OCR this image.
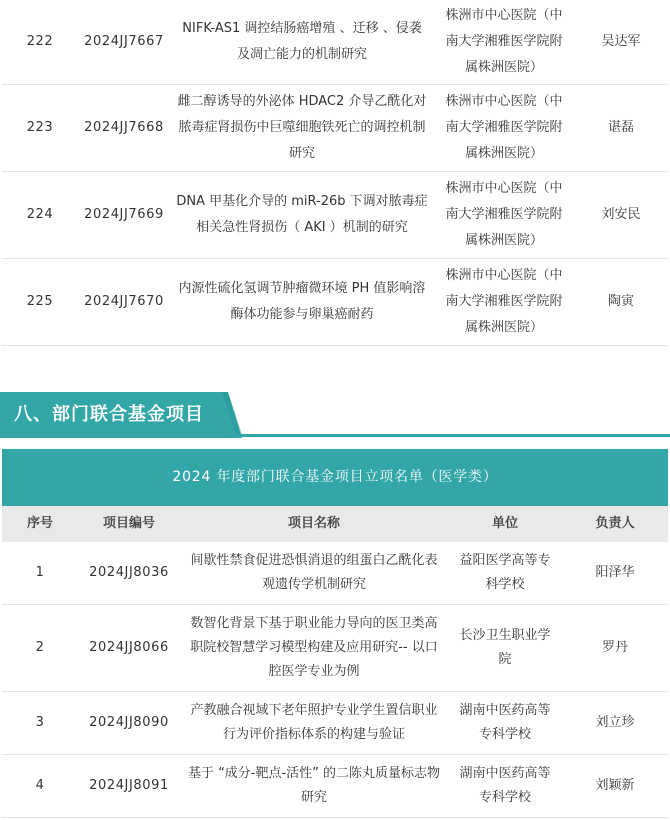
222	2024JJ7667	NIFK-AS1 调控结肠癌增殖 、迁移 、侵袭及凋亡能力的机制研究	株洲市中心医院（中南大学湘雅医学院附属株洲医院）	吴达军
223	2024JJ7668	雌二醇诱导的外泌体 HDAC2 介导乙酰化对脓毒症肾损伤中巨噬细胞铁死亡的调控机制研究	株洲市中心医院（中南大学湘雅医学院附属株洲医院）	谌磊
224	2024JJ7669	DNA 甲基化介导的 miR-26b 下调对脓毒症相关急性肾损伤（ AKI ）机制的研究	株洲市中心医院（中南大学湘雅医学院附属株洲医院）	刘安民
225	2024JJ7670	内源性硫化氢调节肿瘤微环境 PH 值影响溶酶体功能参与卵巢癌耐药	株洲市中心医院（中南大学湘雅医学院附属株洲医院）	陶寅
八、部门联合基金项目
2024 年度部门联合基金项目立项名单（医学类）
序号	项目编号	项目名称	单位	负责人
1	2024JJ8036	间歇性禁食促进恐惧消退的组蛋白乙酰化表观遗传学机制研究	益阳医学高等专科学校	阳泽华
2	2024JJ8066	数智化背景下基于职业能力导向的医卫类高职院校智慧学习模型构建及应用研究-- 以口腔医学专业为例	长沙卫生职业学院	罗丹
3	2024JJ8090	产教融合视域下老年照护专业学生置信职业行为评价指标体系的构建与验证	湖南中医药高等专科学校	刘立珍
4	2024JJ8091	基于 “成分-靶点-活性” 的二陈丸质量标志物研究	湖南中医药高等专科学校	刘颖新
